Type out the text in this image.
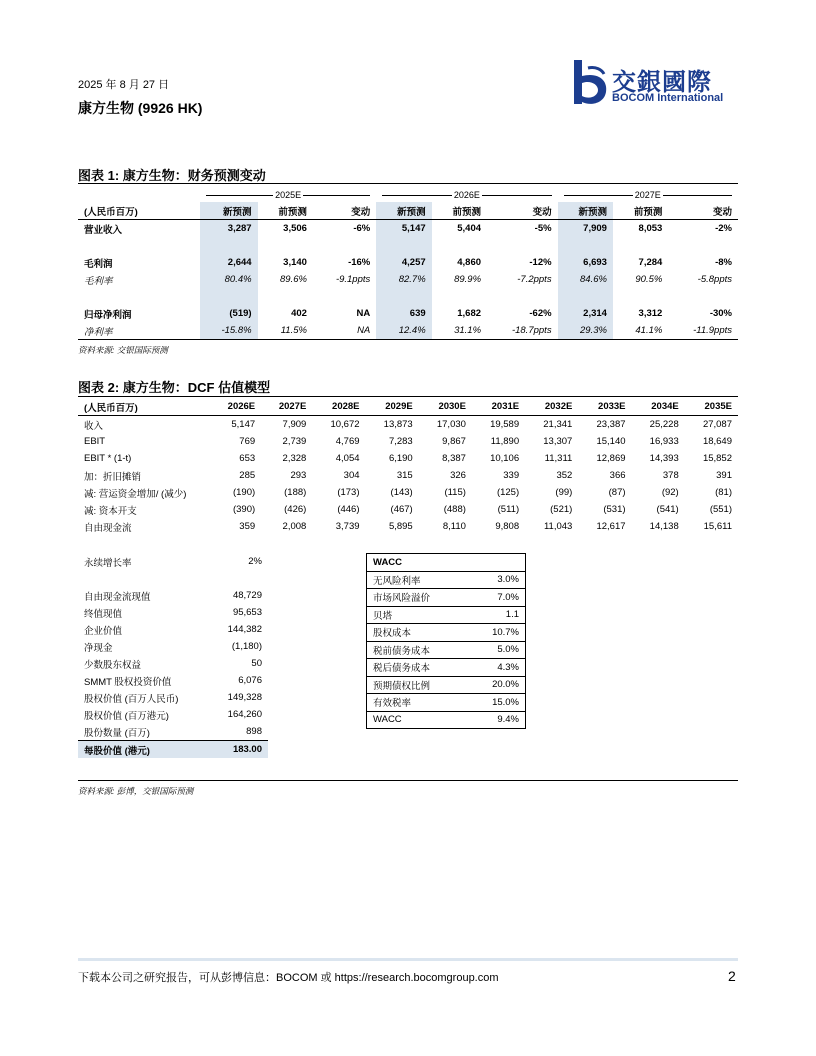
2025 年 8 月 27 日
康方生物 (9926 HK)
交銀國際
BOCOM International
图表 1: 康方生物：财务预测变动

	2025E			2026E			2027E		

(人民币百万)	新预测	前预测	变动	新预测	前预测	变动	新预测	前预测	变动
营业收入	3,287	3,506	-6%	5,147	5,404	-5%	7,909	8,053	-2%

毛利润	2,644	3,140	-16%	4,257	4,860	-12%	6,693	7,284	-8%
毛利率	80.4%	89.6%	-9.1ppts	82.7%	89.9%	-7.2ppts	84.6%	90.5%	-5.8ppts

归母净利润	(519)	402	NA	639	1,682	-62%	2,314	3,312	-30%
净利率	-15.8%	11.5%	NA	12.4%	31.1%	-18.7ppts	29.3%	41.1%	-11.9ppts
资料来源: 交银国际预测
图表 2: 康方生物：DCF 估值模型
(人民币百万)	2026E	2027E	2028E	2029E	2030E	2031E	2032E	2033E	2034E	2035E
收入	5,147	7,909	10,672	13,873	17,030	19,589	21,341	23,387	25,228	27,087
EBIT	769	2,739	4,769	7,283	9,867	11,890	13,307	15,140	16,933	18,649
EBIT * (1-t)	653	2,328	4,054	6,190	8,387	10,106	11,311	12,869	14,393	15,852
加：折旧摊销	285	293	304	315	326	339	352	366	378	391
减: 营运资金增加/ (减少)	(190)	(188)	(173)	(143)	(115)	(125)	(99)	(87)	(92)	(81)
减: 资本开支	(390)	(426)	(446)	(467)	(488)	(511)	(521)	(531)	(541)	(551)
自由现金流	359	2,008	3,739	5,895	8,110	9,808	11,043	12,617	14,138	15,611
永续增长率	2%

自由现金流现值	48,729
终值现值	95,653
企业价值	144,382
净现金	(1,180)
少数股东权益	50
SMMT 股权投资价值	6,076
股权价值 (百万人民币)	149,328
股权价值 (百万港元)	164,260
股份数量 (百万)	898
每股价值 (港元)	183.00
WACC	
无风险利率	3.0%
市场风险溢价	7.0%
贝塔	1.1
股权成本	10.7%
税前债务成本	5.0%
税后债务成本	4.3%
预期债权比例	20.0%
有效税率	15.0%
WACC	9.4%
资料来源: 彭博，交银国际预测
下载本公司之研究报告，可从彭博信息：BOCOM 或 https://research.bocomgroup.com	2
